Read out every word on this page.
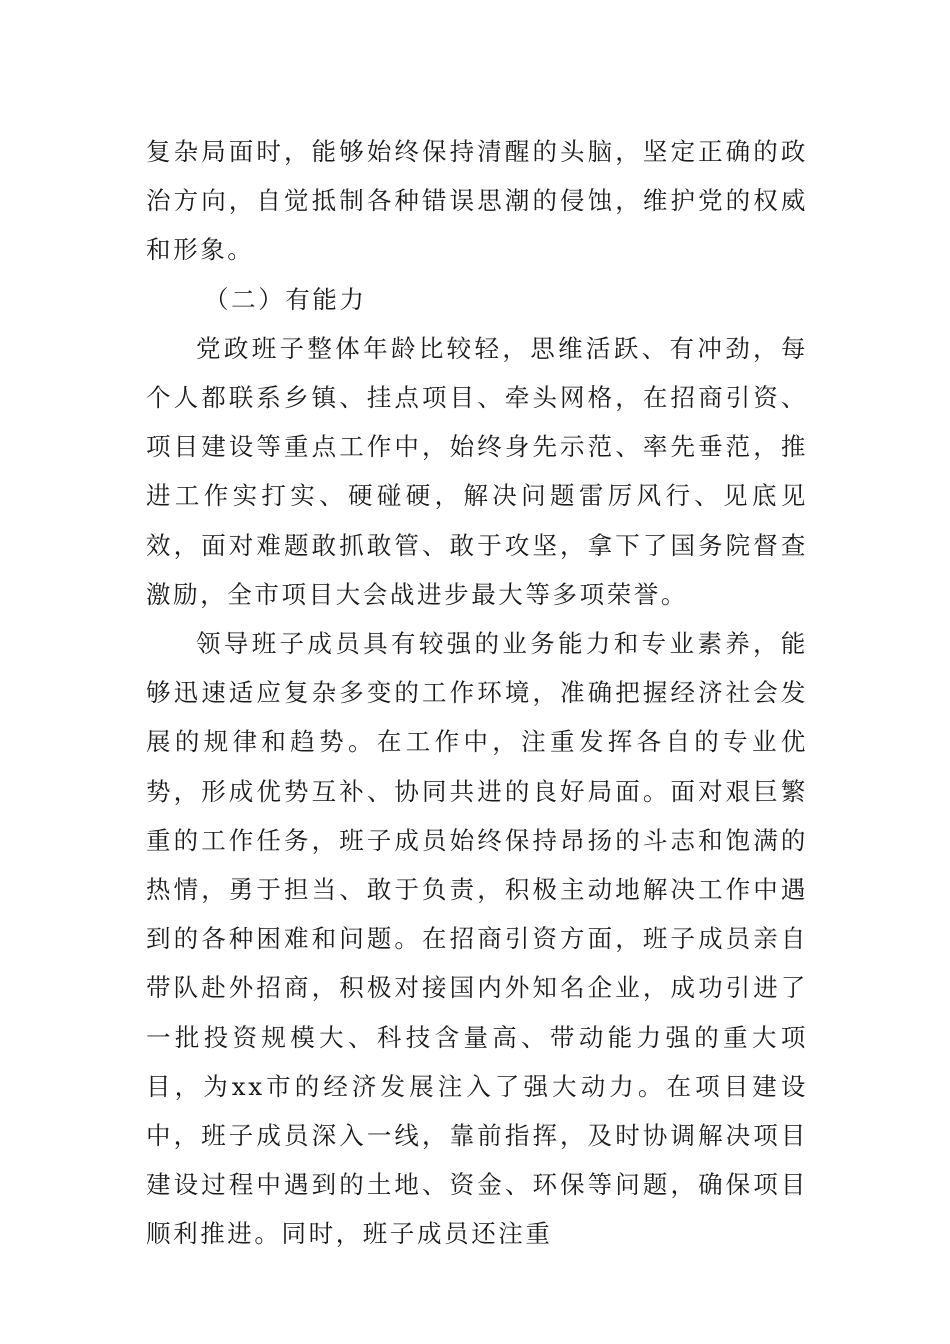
复杂局面时，能够始终保持清醒的头脑，坚定正确的政治方向，自觉抵制各种错误思潮的侵蚀，维护党的权威和形象。

（二）有能力

党政班子整体年龄比较轻，思维活跃、有冲劲，每个人都联系乡镇、挂点项目、牵头网格，在招商引资、项目建设等重点工作中，始终身先示范、率先垂范，推进工作实打实、硬碰硬，解决问题雷厉风行、见底见效，面对难题敢抓敢管、敢于攻坚，拿下了国务院督查激励，全市项目大会战进步最大等多项荣誉。

领导班子成员具有较强的业务能力和专业素养，能够迅速适应复杂多变的工作环境，准确把握经济社会发展的规律和趋势。在工作中，注重发挥各自的专业优势，形成优势互补、协同共进的良好局面。面对艰巨繁重的工作任务，班子成员始终保持昂扬的斗志和饱满的热情，勇于担当、敢于负责，积极主动地解决工作中遇到的各种困难和问题。在招商引资方面，班子成员亲自带队赴外招商，积极对接国内外知名企业，成功引进了一批投资规模大、科技含量高、带动能力强的重大项目，为xx市的经济发展注入了强大动力。在项目建设中，班子成员深入一线，靠前指挥，及时协调解决项目建设过程中遇到的土地、资金、环保等问题，确保项目顺利推进。同时，班子成员还注重
